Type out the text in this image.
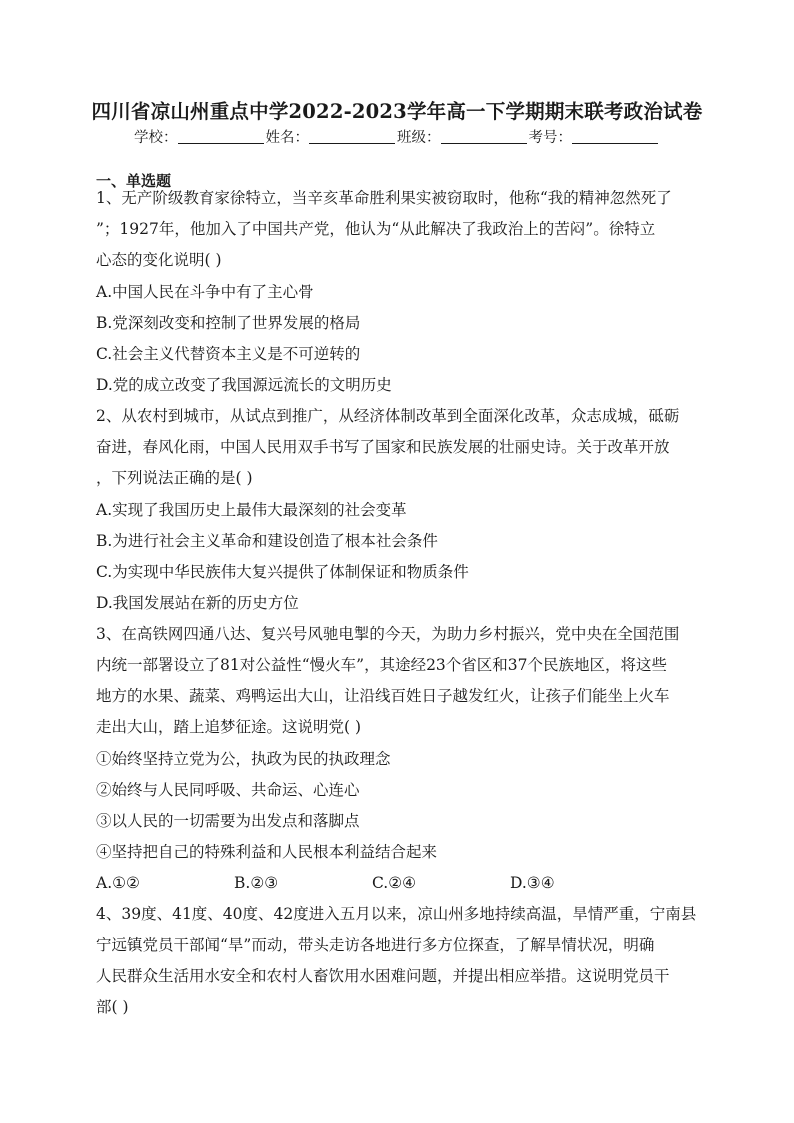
四川省凉山州重点中学2022-2023学年高一下学期期末联考政治试卷
学校：	姓名：	班级：	考号：
一、单选题
1、无产阶级教育家徐特立，当辛亥革命胜利果实被窃取时，他称“我的精神忽然死了
”；1927年，他加入了中国共产党，他认为“从此解决了我政治上的苦闷”。徐特立
心态的变化说明( )
A.中国人民在斗争中有了主心骨
B.党深刻改变和控制了世界发展的格局
C.社会主义代替资本主义是不可逆转的
D.党的成立改变了我国源远流长的文明历史
2、从农村到城市，从试点到推广，从经济体制改革到全面深化改革，众志成城，砥砺
奋进，春风化雨，中国人民用双手书写了国家和民族发展的壮丽史诗。关于改革开放
，下列说法正确的是( )
A.实现了我国历史上最伟大最深刻的社会变革
B.为进行社会主义革命和建设创造了根本社会条件
C.为实现中华民族伟大复兴提供了体制保证和物质条件
D.我国发展站在新的历史方位
3、在高铁网四通八达、复兴号风驰电掣的今天，为助力乡村振兴，党中央在全国范围
内统一部署设立了81对公益性“慢火车”，其途经23个省区和37个民族地区，将这些
地方的水果、蔬菜、鸡鸭运出大山，让沿线百姓日子越发红火，让孩子们能坐上火车
走出大山，踏上追梦征途。这说明党( )
①始终坚持立党为公，执政为民的执政理念
②始终与人民同呼吸、共命运、心连心
③以人民的一切需要为出发点和落脚点
④坚持把自己的特殊利益和人民根本利益结合起来
A.①②	B.②③	C.②④	D.③④
4、39度、41度、40度、42度进入五月以来，凉山州多地持续高温，旱情严重，宁南县
宁远镇党员干部闻“旱”而动，带头走访各地进行多方位探查，了解旱情状况，明确
人民群众生活用水安全和农村人畜饮用水困难问题，并提出相应举措。这说明党员干
部( )
